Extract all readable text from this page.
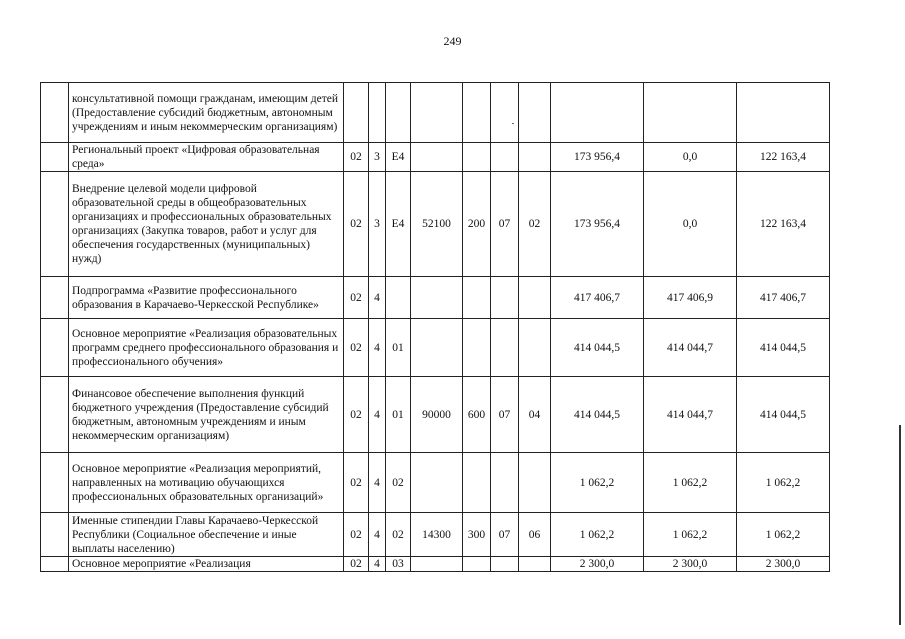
249
	консультативной помощи гражданам, имеющим детей (Предоставление субсидий бюджетным, автономным учреждениям и иным некоммерческим организациям)										
	Региональный проект «Цифровая образовательная среда»	02	3	Е4					173 956,4	0,0	122 163,4
	Внедрение целевой модели цифровой образовательной среды в общеобразовательных организациях и профессиональных образовательных организациях (Закупка товаров, работ и услуг для обеспечения государственных (муниципальных) нужд)	02	3	Е4	52100	200	07	02	173 956,4	0,0	122 163,4
	Подпрограмма «Развитие профессионального образования в Карачаево-Черкесской Республике»	02	4						417 406,7	417 406,9	417 406,7
	Основное мероприятие «Реализация образовательных программ среднего профессионального образования и профессионального обучения»	02	4	01					414 044,5	414 044,7	414 044,5
	Финансовое обеспечение выполнения функций бюджетного учреждения (Предоставление субсидий бюджетным, автономным учреждениям и иным некоммерческим организациям)	02	4	01	90000	600	07	04	414 044,5	414 044,7	414 044,5
	Основное мероприятие «Реализация мероприятий, направленных на мотивацию обучающихся профессиональных образовательных организаций»	02	4	02					1 062,2	1 062,2	1 062,2
	Именные стипендии Главы Карачаево-Черкесской Республики (Социальное обеспечение и иные выплаты населению)	02	4	02	14300	300	07	06	1 062,2	1 062,2	1 062,2
	Основное мероприятие «Реализация	02	4	03					2 300,0	2 300,0	2 300,0
